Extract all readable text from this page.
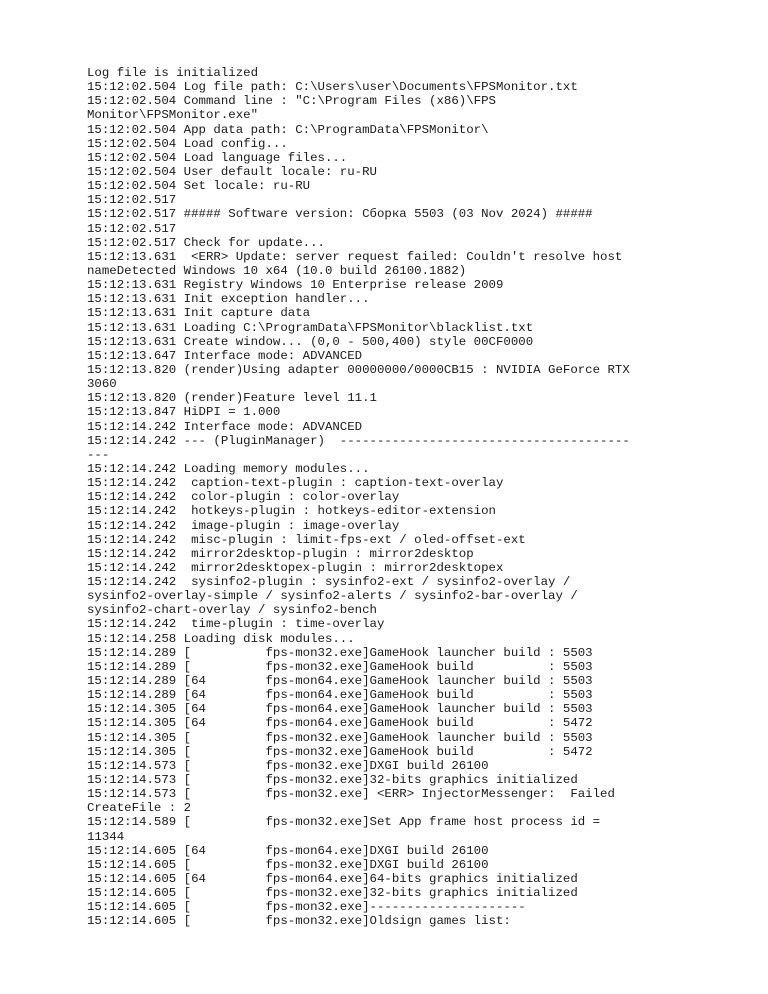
Log file is initialized
15:12:02.504 Log file path: C:\Users\user\Documents\FPSMonitor.txt
15:12:02.504 Command line : "C:\Program Files (x86)\FPS
Monitor\FPSMonitor.exe"
15:12:02.504 App data path: C:\ProgramData\FPSMonitor\
15:12:02.504 Load config...
15:12:02.504 Load language files...
15:12:02.504 User default locale: ru-RU
15:12:02.504 Set locale: ru-RU
15:12:02.517
15:12:02.517 ##### Software version: Сборка 5503 (03 Nov 2024) #####
15:12:02.517
15:12:02.517 Check for update...
15:12:13.631  <ERR> Update: server request failed: Couldn't resolve host
nameDetected Windows 10 x64 (10.0 build 26100.1882)
15:12:13.631 Registry Windows 10 Enterprise release 2009
15:12:13.631 Init exception handler...
15:12:13.631 Init capture data
15:12:13.631 Loading C:\ProgramData\FPSMonitor\blacklist.txt
15:12:13.631 Create window... (0,0 - 500,400) style 00CF0000
15:12:13.647 Interface mode: ADVANCED
15:12:13.820 (render)Using adapter 00000000/0000CB15 : NVIDIA GeForce RTX
3060
15:12:13.820 (render)Feature level 11.1
15:12:13.847 HiDPI = 1.000
15:12:14.242 Interface mode: ADVANCED
15:12:14.242 --- (PluginManager)  ---------------------------------------
---
15:12:14.242 Loading memory modules...
15:12:14.242  caption-text-plugin : caption-text-overlay
15:12:14.242  color-plugin : color-overlay
15:12:14.242  hotkeys-plugin : hotkeys-editor-extension
15:12:14.242  image-plugin : image-overlay
15:12:14.242  misc-plugin : limit-fps-ext / oled-offset-ext
15:12:14.242  mirror2desktop-plugin : mirror2desktop
15:12:14.242  mirror2desktopex-plugin : mirror2desktopex
15:12:14.242  sysinfo2-plugin : sysinfo2-ext / sysinfo2-overlay /
sysinfo2-overlay-simple / sysinfo2-alerts / sysinfo2-bar-overlay /
sysinfo2-chart-overlay / sysinfo2-bench
15:12:14.242  time-plugin : time-overlay
15:12:14.258 Loading disk modules...
15:12:14.289 [          fps-mon32.exe]GameHook launcher build : 5503
15:12:14.289 [          fps-mon32.exe]GameHook build          : 5503
15:12:14.289 [64        fps-mon64.exe]GameHook launcher build : 5503
15:12:14.289 [64        fps-mon64.exe]GameHook build          : 5503
15:12:14.305 [64        fps-mon64.exe]GameHook launcher build : 5503
15:12:14.305 [64        fps-mon64.exe]GameHook build          : 5472
15:12:14.305 [          fps-mon32.exe]GameHook launcher build : 5503
15:12:14.305 [          fps-mon32.exe]GameHook build          : 5472
15:12:14.573 [          fps-mon32.exe]DXGI build 26100
15:12:14.573 [          fps-mon32.exe]32-bits graphics initialized
15:12:14.573 [          fps-mon32.exe] <ERR> InjectorMessenger:  Failed
CreateFile : 2
15:12:14.589 [          fps-mon32.exe]Set App frame host process id =
11344
15:12:14.605 [64        fps-mon64.exe]DXGI build 26100
15:12:14.605 [          fps-mon32.exe]DXGI build 26100
15:12:14.605 [64        fps-mon64.exe]64-bits graphics initialized
15:12:14.605 [          fps-mon32.exe]32-bits graphics initialized
15:12:14.605 [          fps-mon32.exe]---------------------
15:12:14.605 [          fps-mon32.exe]Oldsign games list:
